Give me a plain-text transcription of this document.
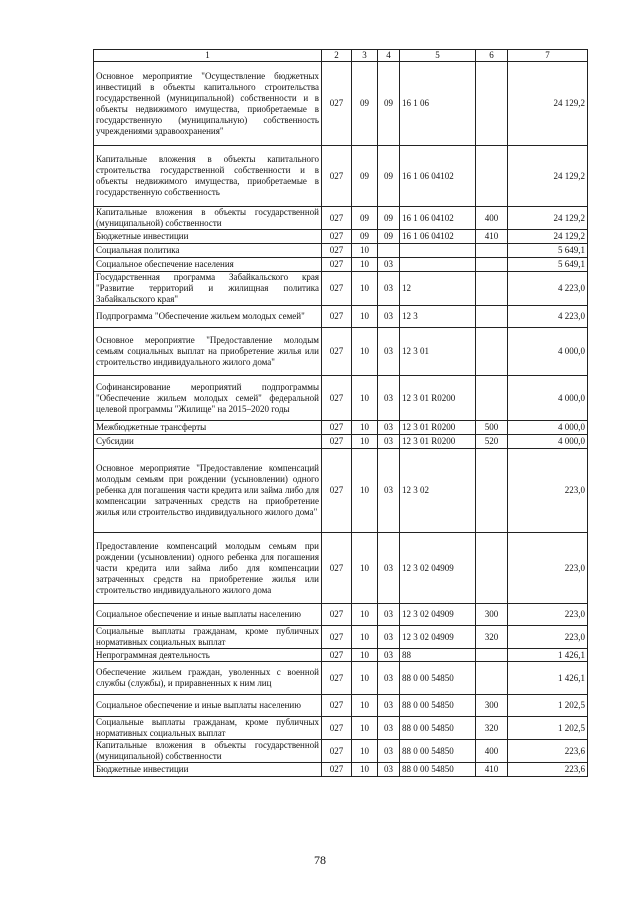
1	2	3	4	5	6	7
Основное мероприятие "Осуществление бюджетных инвестиций в объекты капитального строительства государственной (муниципальной) собственности и в объекты недвижимого имущества, приобретаемые в государственную (муниципальную) собственность учреждениями здравоохранения"	027	09	09	16 1 06		24 129,2
Капитальные вложения в объекты капитального строительства государственной собственности и в объекты недвижимого имущества, приобретаемые в государственную собственность	027	09	09	16 1 06 04102		24 129,2
Капитальные вложения в объекты государственной (муниципальной) собственности	027	09	09	16 1 06 04102	400	24 129,2
Бюджетные инвестиции	027	09	09	16 1 06 04102	410	24 129,2
Социальная политика	027	10				5 649,1
Социальное обеспечение населения	027	10	03			5 649,1
Государственная программа Забайкальского края "Развитие территорий и жилищная политика Забайкальского края"	027	10	03	12		4 223,0
Подпрограмма "Обеспечение жильем молодых семей"	027	10	03	12 3		4 223,0
Основное мероприятие "Предоставление молодым семьям социальных выплат на приобретение жилья или строительство индивидуального жилого дома"	027	10	03	12 3 01		4 000,0
Софинансирование мероприятий подпрограммы "Обеспечение жильем молодых семей" федеральной целевой программы "Жилище" на 2015–2020 годы	027	10	03	12 3 01 R0200		4 000,0
Межбюджетные трансферты	027	10	03	12 3 01 R0200	500	4 000,0
Субсидии	027	10	03	12 3 01 R0200	520	4 000,0
Основное мероприятие "Предоставление компенсаций молодым семьям при рождении (усыновлении) одного ребенка для погашения части кредита или займа либо для компенсации затраченных средств на приобретение жилья или строительство индивидуального жилого дома"	027	10	03	12 3 02		223,0
Предоставление компенсаций молодым семьям при рождении (усыновлении) одного ребенка для погашения части кредита или займа либо для компенсации затраченных средств на приобретение жилья или строительство индивидуального жилого дома	027	10	03	12 3 02 04909		223,0
Социальное обеспечение и иные выплаты населению	027	10	03	12 3 02 04909	300	223,0
Социальные выплаты гражданам, кроме публичных нормативных социальных выплат	027	10	03	12 3 02 04909	320	223,0
Непрограммная деятельность	027	10	03	88		1 426,1
Обеспечение жильем граждан, уволенных с военной службы (службы), и приравненных к ним лиц	027	10	03	88 0 00 54850		1 426,1
Социальное обеспечение и иные выплаты населению	027	10	03	88 0 00 54850	300	1 202,5
Социальные выплаты гражданам, кроме публичных нормативных социальных выплат	027	10	03	88 0 00 54850	320	1 202,5
Капитальные вложения в объекты государственной (муниципальной) собственности	027	10	03	88 0 00 54850	400	223,6
Бюджетные инвестиции	027	10	03	88 0 00 54850	410	223,6
78
